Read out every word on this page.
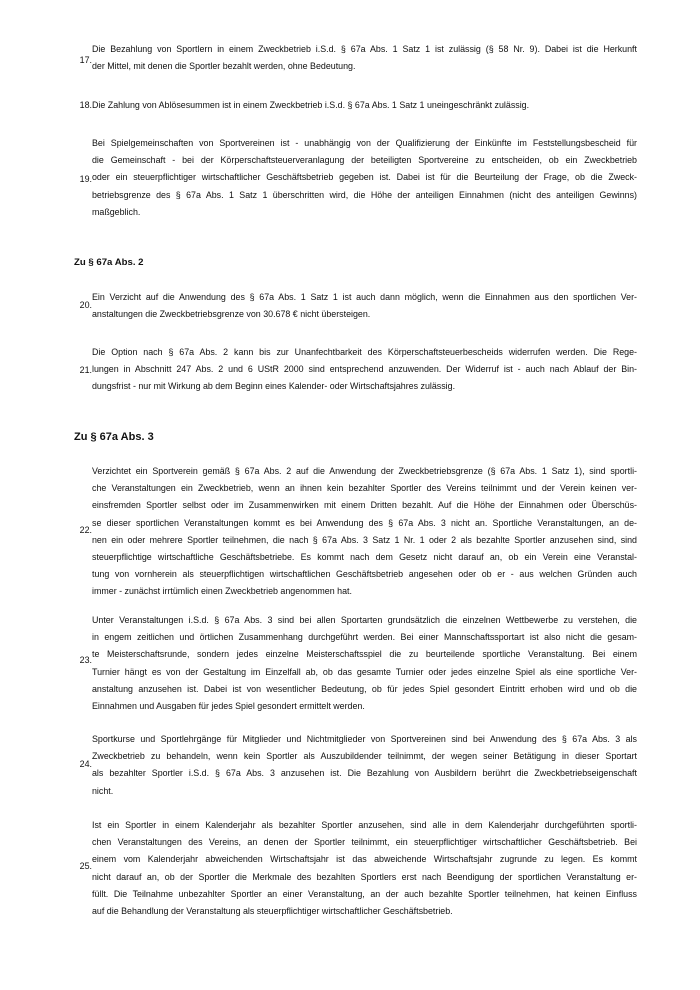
17.
Die Bezahlung von Sportlern in einem Zweckbetrieb i.S.d. § 67a Abs. 1 Satz 1 ist zulässig (§ 58 Nr. 9). Dabei ist die Herkunft
der Mittel, mit denen die Sportler bezahlt werden, ohne Bedeutung.
18. Die Zahlung von Ablösesummen ist in einem Zweckbetrieb i.S.d. § 67a Abs. 1 Satz 1 uneingeschränkt zulässig.
19.
Bei Spielgemeinschaften von Sportvereinen ist - unabhängig von der Qualifizierung der Einkünfte im Feststellungsbescheid für
die Gemeinschaft - bei der Körperschaftsteuerveranlagung der beteiligten Sportvereine zu entscheiden, ob ein Zweckbetrieb
oder ein steuerpflichtiger wirtschaftlicher Geschäftsbetrieb gegeben ist. Dabei ist für die Beurteilung der Frage, ob die Zweck-
betriebsgrenze des § 67a Abs. 1 Satz 1 überschritten wird, die Höhe der anteiligen Einnahmen (nicht des anteiligen Gewinns)
maßgeblich.
Zu § 67a Abs. 2
20.
Ein Verzicht auf die Anwendung des § 67a Abs. 1 Satz 1 ist auch dann möglich, wenn die Einnahmen aus den sportlichen Ver-
anstaltungen die Zweckbetriebsgrenze von 30.678 € nicht übersteigen.
21.
Die Option nach § 67a Abs. 2 kann bis zur Unanfechtbarkeit des Körperschaftsteuerbescheids widerrufen werden. Die Rege-
lungen in Abschnitt 247 Abs. 2 und 6 UStR 2000 sind entsprechend anzuwenden. Der Widerruf ist - auch nach Ablauf der Bin-
dungsfrist - nur mit Wirkung ab dem Beginn eines Kalender- oder Wirtschaftsjahres zulässig.
Zu § 67a Abs. 3
22.
Verzichtet ein Sportverein gemäß § 67a Abs. 2 auf die Anwendung der Zweckbetriebsgrenze (§ 67a Abs. 1 Satz 1), sind sportli-
che Veranstaltungen ein Zweckbetrieb, wenn an ihnen kein bezahlter Sportler des Vereins teilnimmt und der Verein keinen ver-
einsfremden Sportler selbst oder im Zusammenwirken mit einem Dritten bezahlt. Auf die Höhe der Einnahmen oder Überschüs-
se dieser sportlichen Veranstaltungen kommt es bei Anwendung des § 67a Abs. 3 nicht an. Sportliche Veranstaltungen, an de-
nen ein oder mehrere Sportler teilnehmen, die nach § 67a Abs. 3 Satz 1 Nr. 1 oder 2 als bezahlte Sportler anzusehen sind, sind
steuerpflichtige wirtschaftliche Geschäftsbetriebe. Es kommt nach dem Gesetz nicht darauf an, ob ein Verein eine Veranstal-
tung von vornherein als steuerpflichtigen wirtschaftlichen Geschäftsbetrieb angesehen oder ob er - aus welchen Gründen auch
immer - zunächst irrtümlich einen Zweckbetrieb angenommen hat.
23.
Unter Veranstaltungen i.S.d. § 67a Abs. 3 sind bei allen Sportarten grundsätzlich die einzelnen Wettbewerbe zu verstehen, die
in engem zeitlichen und örtlichen Zusammenhang durchgeführt werden. Bei einer Mannschaftssportart ist also nicht die gesam-
te Meisterschaftsrunde, sondern jedes einzelne Meisterschaftsspiel die zu beurteilende sportliche Veranstaltung. Bei einem
Turnier hängt es von der Gestaltung im Einzelfall ab, ob das gesamte Turnier oder jedes einzelne Spiel als eine sportliche Ver-
anstaltung anzusehen ist. Dabei ist von wesentlicher Bedeutung, ob für jedes Spiel gesondert Eintritt erhoben wird und ob die
Einnahmen und Ausgaben für jedes Spiel gesondert ermittelt werden.
24.
Sportkurse und Sportlehrgänge für Mitglieder und Nichtmitglieder von Sportvereinen sind bei Anwendung des § 67a Abs. 3 als
Zweckbetrieb zu behandeln, wenn kein Sportler als Auszubildender teilnimmt, der wegen seiner Betätigung in dieser Sportart
als bezahlter Sportler i.S.d. § 67a Abs. 3 anzusehen ist. Die Bezahlung von Ausbildern berührt die Zweckbetriebseigenschaft
nicht.
25.
Ist ein Sportler in einem Kalenderjahr als bezahlter Sportler anzusehen, sind alle in dem Kalenderjahr durchgeführten sportli-
chen Veranstaltungen des Vereins, an denen der Sportler teilnimmt, ein steuerpflichtiger wirtschaftlicher Geschäftsbetrieb. Bei
einem vom Kalenderjahr abweichenden Wirtschaftsjahr ist das abweichende Wirtschaftsjahr zugrunde zu legen. Es kommt
nicht darauf an, ob der Sportler die Merkmale des bezahlten Sportlers erst nach Beendigung der sportlichen Veranstaltung er-
füllt. Die Teilnahme unbezahlter Sportler an einer Veranstaltung, an der auch bezahlte Sportler teilnehmen, hat keinen Einfluss
auf die Behandlung der Veranstaltung als steuerpflichtiger wirtschaftlicher Geschäftsbetrieb.
